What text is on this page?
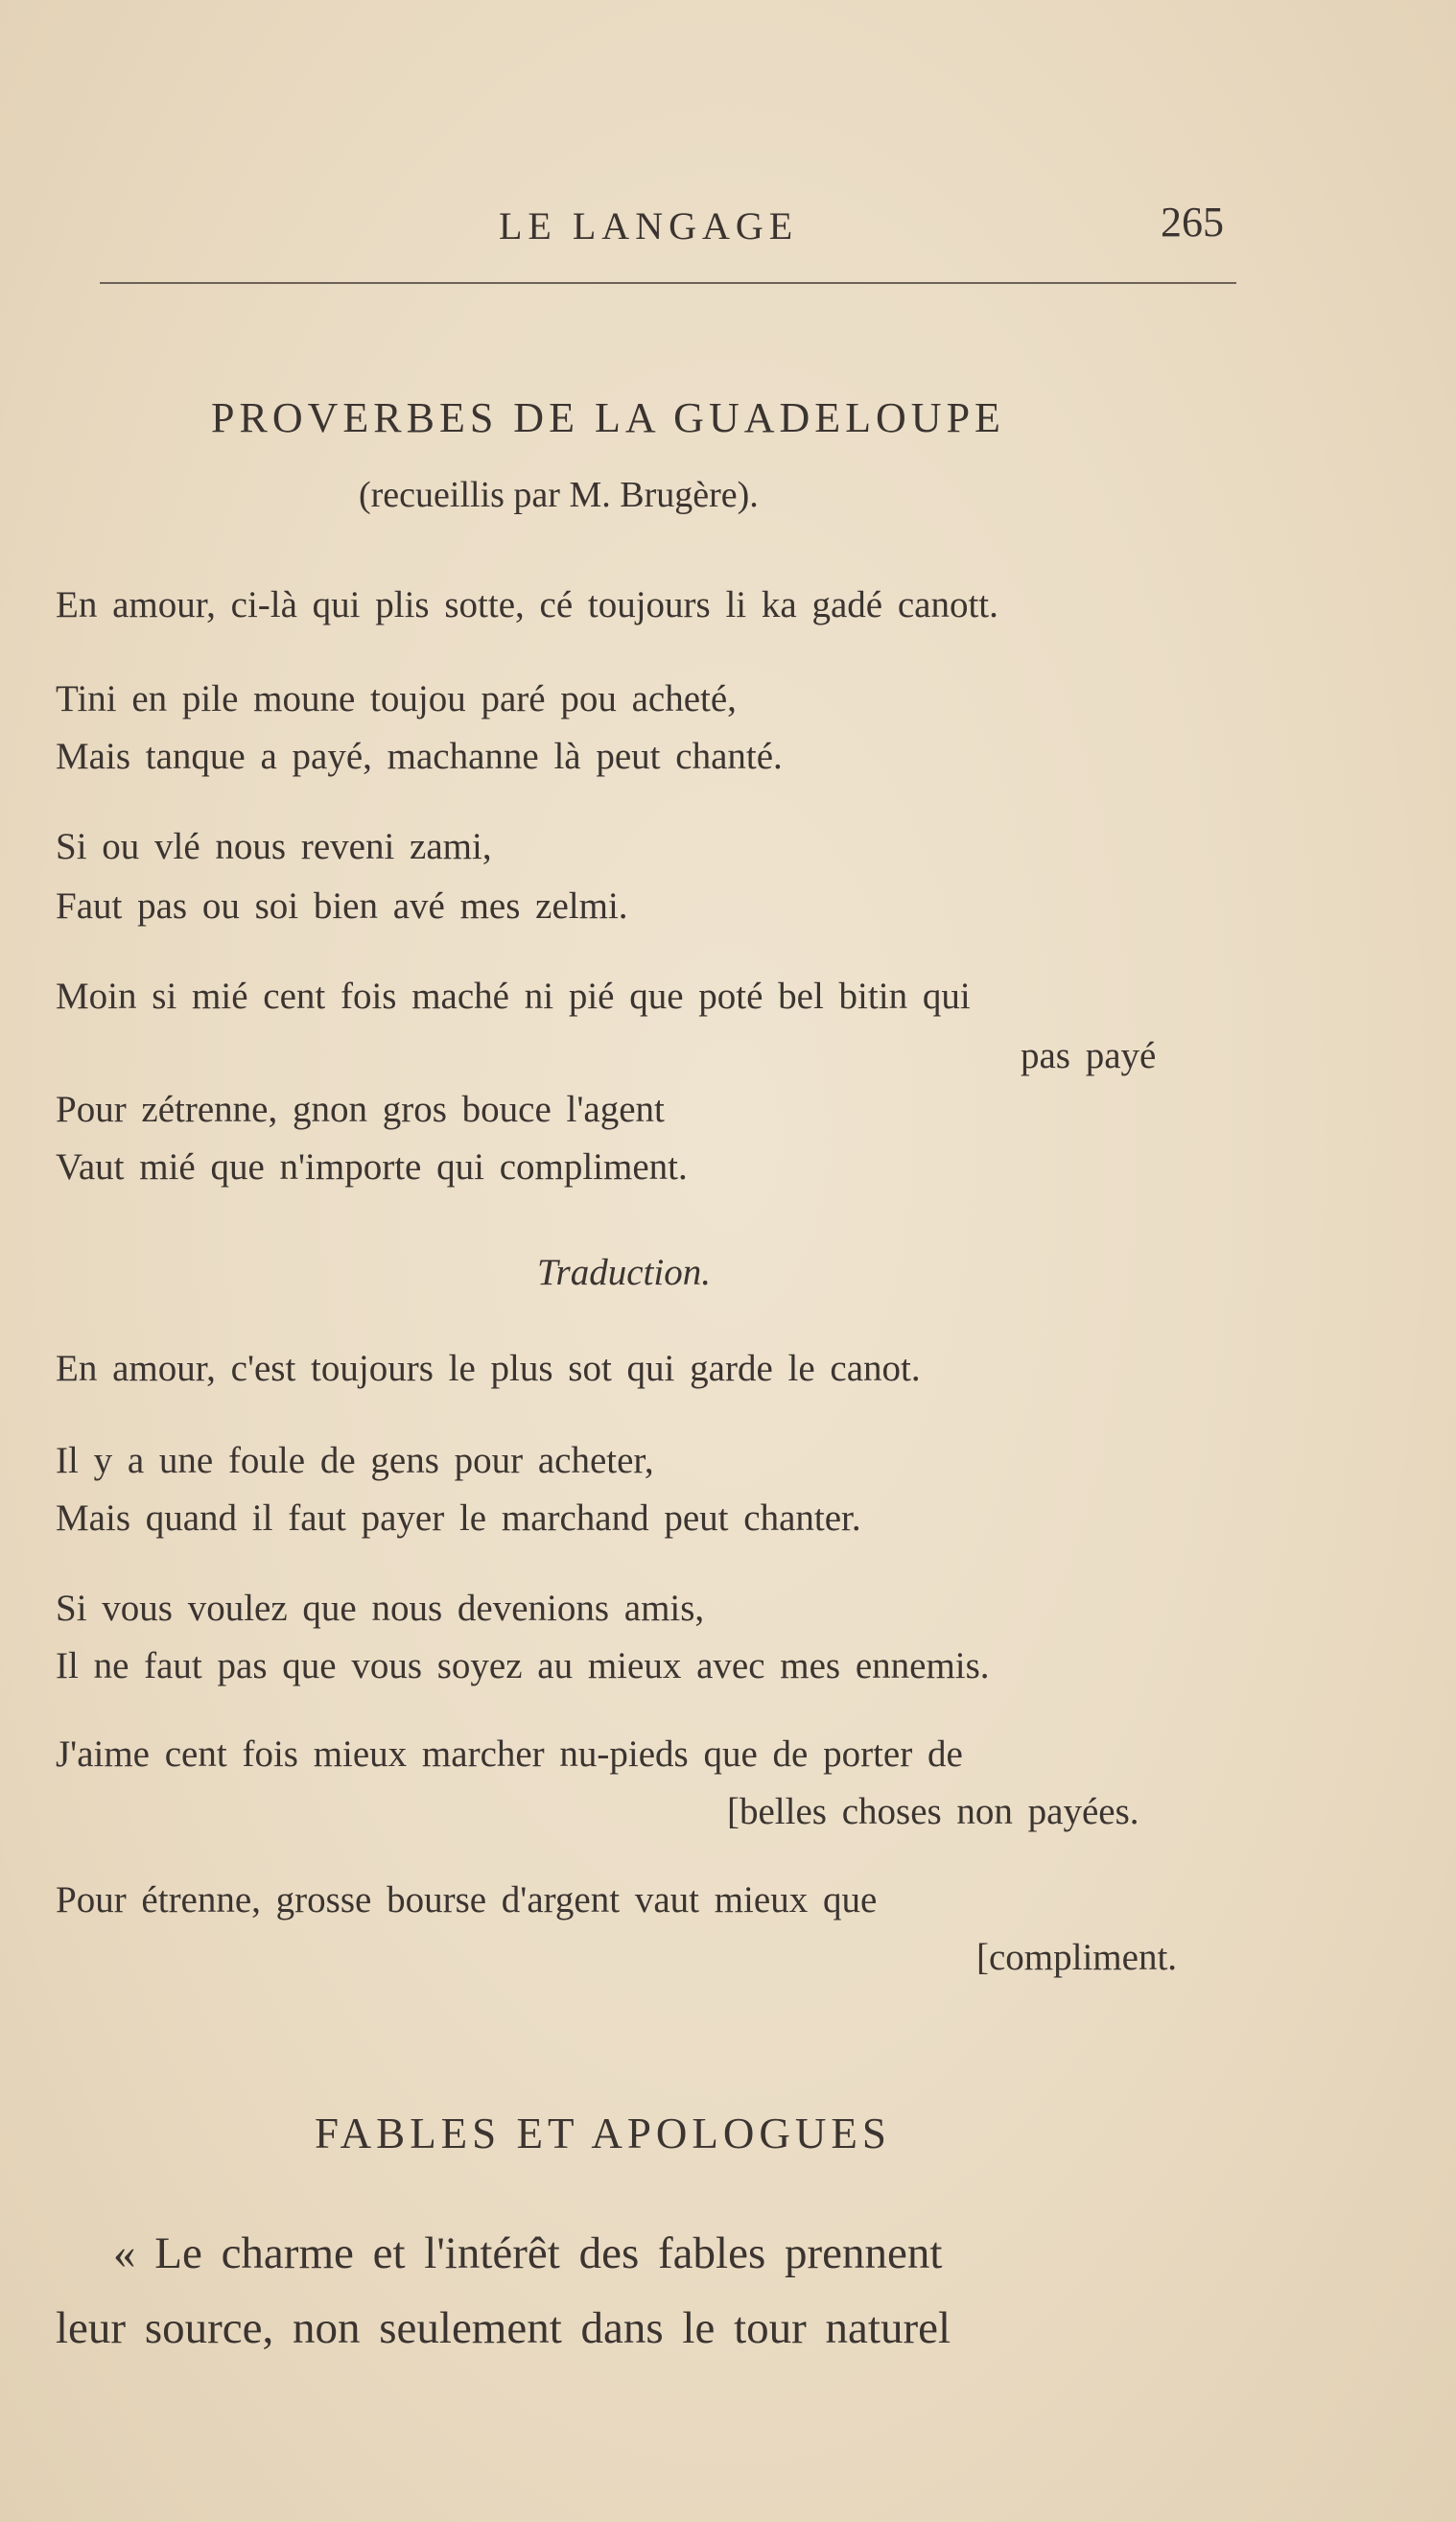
LE LANGAGE	265
PROVERBES DE LA GUADELOUPE
(recueillis par M. Brugère).
En amour, ci-là qui plis sotte, cé toujours li ka gadé canott.
Tini en pile moune toujou paré pou acheté,
Mais tanque a payé, machanne là peut chanté.
Si ou vlé nous reveni zami,
Faut pas ou soi bien avé mes zelmi.
Moin si mié cent fois maché ni pié que poté bel bitin qui
pas payé
Pour zétrenne, gnon gros bouce l'agent
Vaut mié que n'importe qui compliment.
Traduction.
En amour, c'est toujours le plus sot qui garde le canot.
Il y a une foule de gens pour acheter,
Mais quand il faut payer le marchand peut chanter.
Si vous voulez que nous devenions amis,
Il ne faut pas que vous soyez au mieux avec mes ennemis.
J'aime cent fois mieux marcher nu-pieds que de porter de
[belles choses non payées.
Pour étrenne, grosse bourse d'argent vaut mieux que
[compliment.
FABLES ET APOLOGUES
« Le charme et l'intérêt des fables prennent
leur source, non seulement dans le tour naturel
